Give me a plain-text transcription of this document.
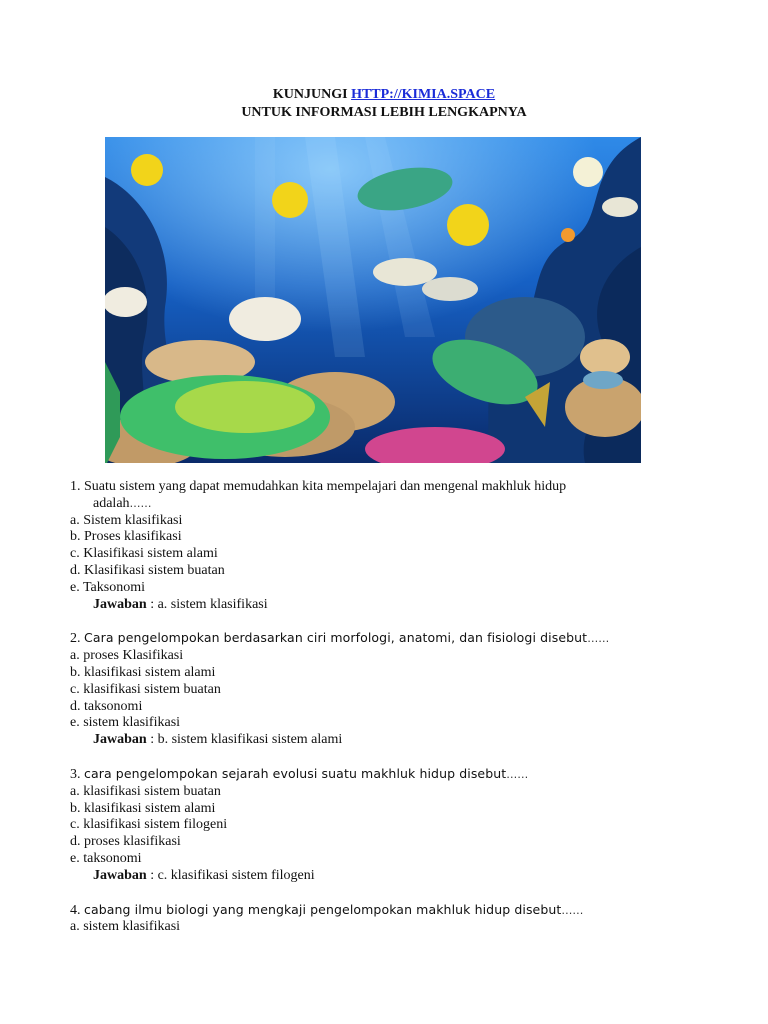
KUNJUNGI HTTP://KIMIA.SPACE
UNTUK INFORMASI LEBIH LENGKAPNYA
1. Suatu sistem yang dapat memudahkan kita mempelajari dan mengenal makhluk hidup
adalah……
a. Sistem klasifikasi
b. Proses klasifikasi
c. Klasifikasi sistem alami
d. Klasifikasi sistem buatan
e. Taksonomi
Jawaban : a. sistem klasifikasi
2. Cara pengelompokan berdasarkan ciri morfologi, anatomi, dan fisiologi disebut……
a. proses Klasifikasi
b. klasifikasi sistem alami
c. klasifikasi sistem buatan
d. taksonomi
e. sistem klasifikasi
Jawaban : b. sistem klasifikasi sistem alami
3. cara pengelompokan sejarah evolusi suatu makhluk hidup disebut……
a. klasifikasi sistem buatan
b. klasifikasi sistem alami
c. klasifikasi sistem filogeni
d. proses klasifikasi
e. taksonomi
Jawaban : c. klasifikasi sistem filogeni
4. cabang ilmu biologi yang mengkaji pengelompokan makhluk hidup disebut……
a. sistem klasifikasi
